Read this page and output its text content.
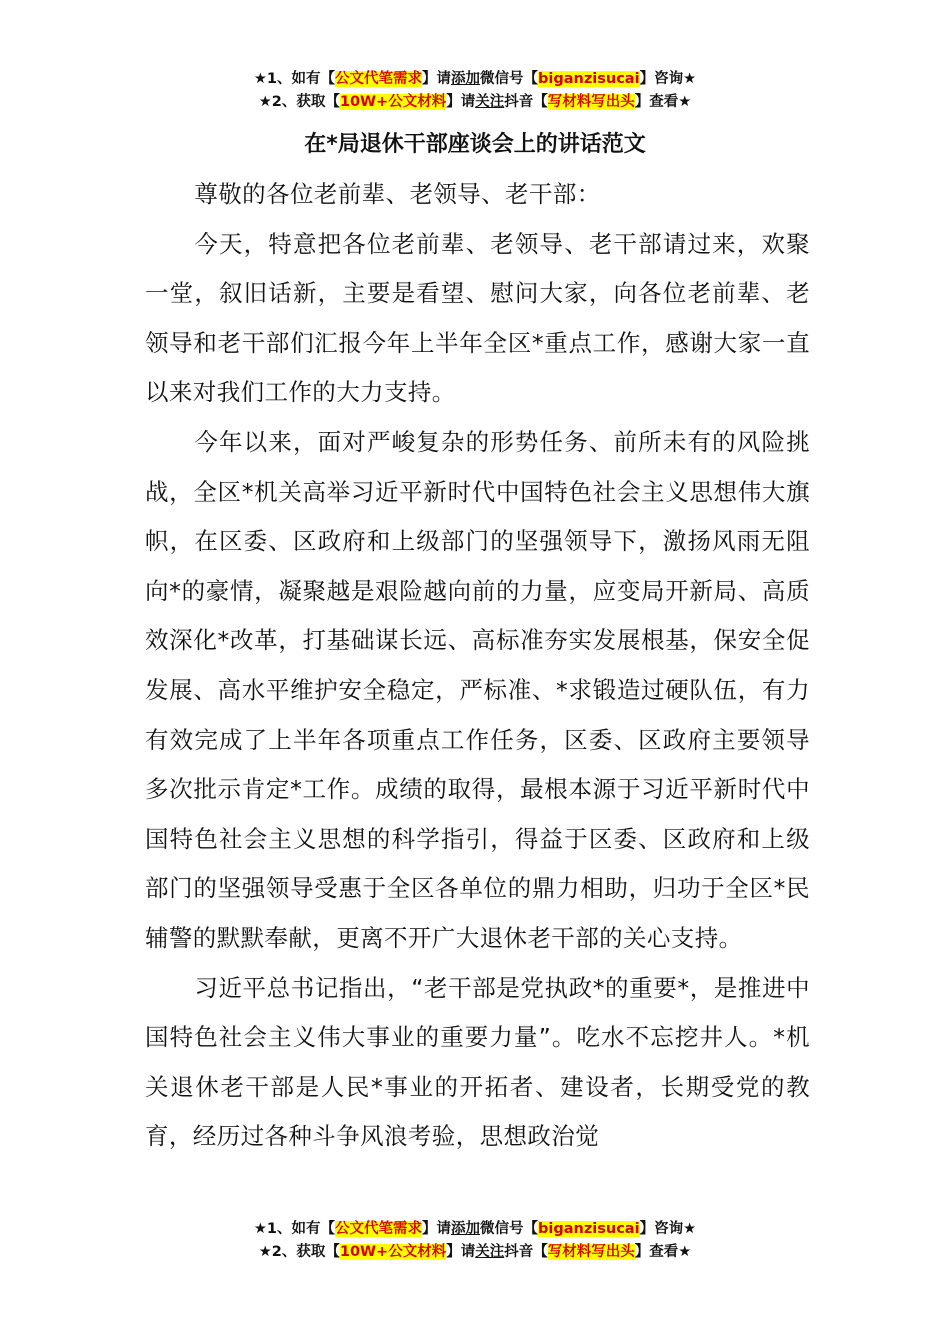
★1、如有【公文代笔需求】请添加微信号【biganzisucai】咨询★
★2、获取【10W+公文材料】请关注抖音【写材料写出头】查看★
在*局退休干部座谈会上的讲话范文

尊敬的各位老前辈、老领导、老干部：

今天，特意把各位老前辈、老领导、老干部请过来，欢聚一堂，叙旧话新，主要是看望、慰问大家，向各位老前辈、老领导和老干部们汇报今年上半年全区*重点工作，感谢大家一直以来对我们工作的大力支持。

今年以来，面对严峻复杂的形势任务、前所未有的风险挑战，全区*机关高举习近平新时代中国特色社会主义思想伟大旗帜，在区委、区政府和上级部门的坚强领导下，激扬风雨无阻向*的豪情，凝聚越是艰险越向前的力量，应变局开新局、高质效深化*改革，打基础谋长远、高标准夯实发展根基，保安全促发展、高水平维护安全稳定，严标准、*求锻造过硬队伍，有力有效完成了上半年各项重点工作任务，区委、区政府主要领导多次批示肯定*工作。成绩的取得，最根本源于习近平新时代中国特色社会主义思想的科学指引，得益于区委、区政府和上级部门的坚强领导受惠于全区各单位的鼎力相助，归功于全区*民辅警的默默奉献，更离不开广大退休老干部的关心支持。

习近平总书记指出，“老干部是党执政*的重要*，是推进中国特色社会主义伟大事业的重要力量”。吃水不忘挖井人。*机关退休老干部是人民*事业的开拓者、建设者，长期受党的教育，经历过各种斗争风浪考验，思想政治觉

★1、如有【公文代笔需求】请添加微信号【biganzisucai】咨询★
★2、获取【10W+公文材料】请关注抖音【写材料写出头】查看★
